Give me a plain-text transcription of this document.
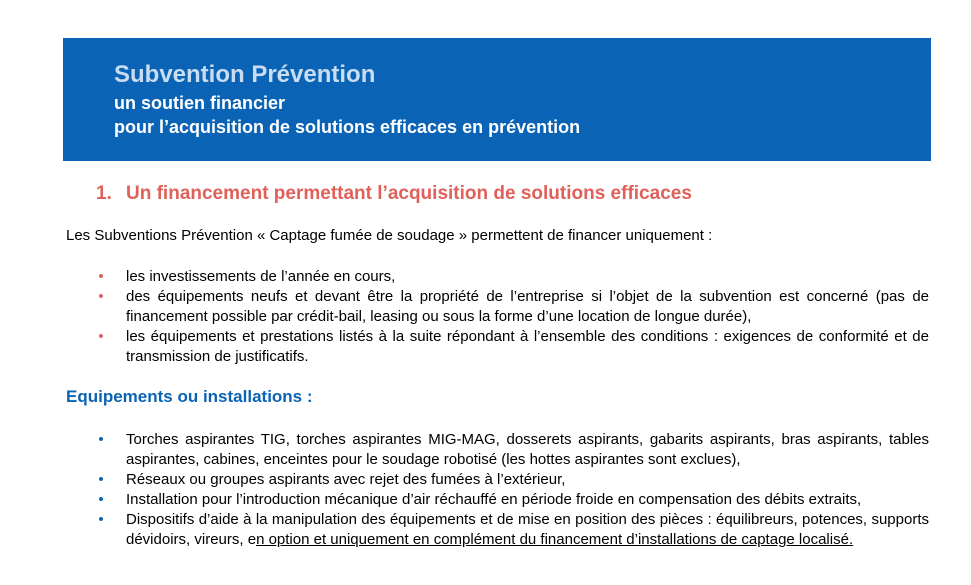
Subvention Prévention
un soutien financier
pour l’acquisition de solutions efficaces en prévention
1. Un financement permettant l’acquisition de solutions efficaces
Les Subventions Prévention « Captage fumée de soudage » permettent de financer uniquement :
• les investissements de l’année en cours,
• des équipements neufs et devant être la propriété de l’entreprise si l’objet de la subvention est concerné (pas de financement possible par crédit-bail, leasing ou sous la forme d’une location de longue durée),
• les équipements et prestations listés à la suite répondant à l’ensemble des conditions : exigences de conformité et de transmission de justificatifs.
Equipements ou installations :
• Torches aspirantes TIG, torches aspirantes MIG-MAG, dosserets aspirants, gabarits aspirants, bras aspirants, tables aspirantes, cabines, enceintes pour le soudage robotisé (les hottes aspirantes sont exclues),
• Réseaux ou groupes aspirants avec rejet des fumées à l’extérieur,
• Installation pour l’introduction mécanique d’air réchauffé en période froide en compensation des débits extraits,
• Dispositifs d’aide à la manipulation des équipements et de mise en position des pièces : équilibreurs, potences, supports dévidoirs, vireurs, en option et uniquement en complément du financement d’installations de captage localisé.
